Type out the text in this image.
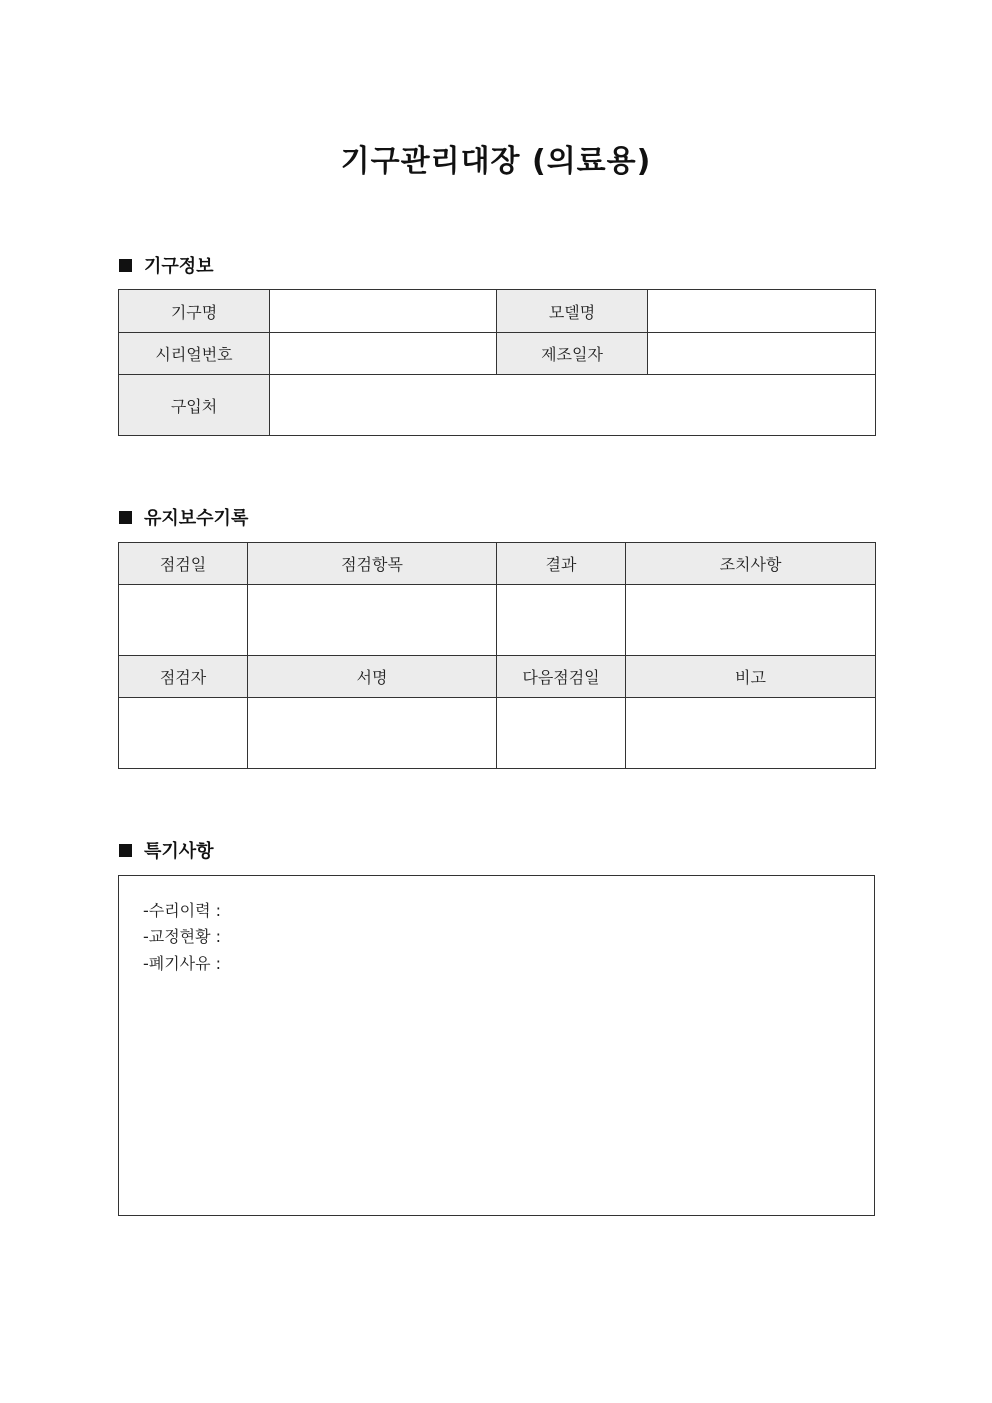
기구관리대장 (의료용)
기구정보
기구명		모델명	
시리얼번호		제조일자	
구입처			
유지보수기록
점검일	점검항목	결과	조치사항

점검자	서명	다음점검일	비고

특기사항
-수리이력 :
-교정현황 :
-폐기사유 :
